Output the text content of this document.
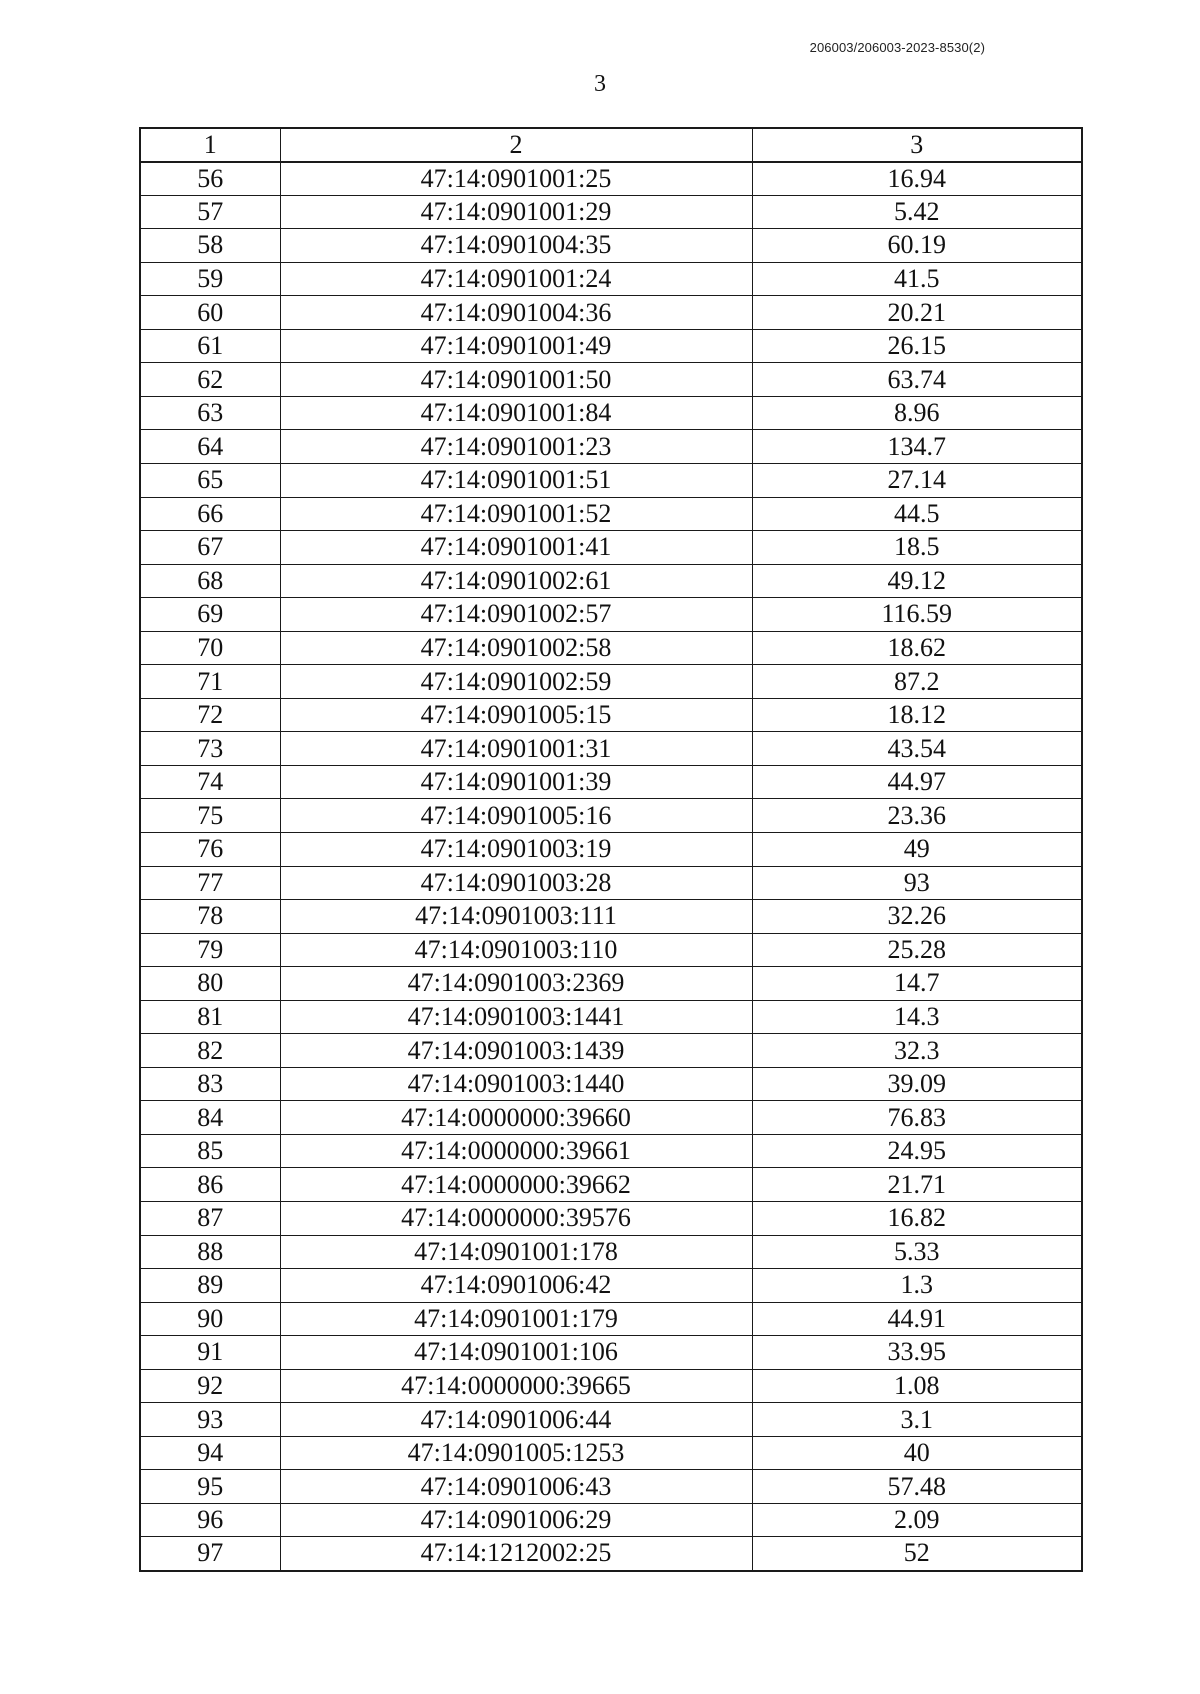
206003/206003-2023-8530(2)
3
1	2	3
56	47:14:0901001:25	16.94
57	47:14:0901001:29	5.42
58	47:14:0901004:35	60.19
59	47:14:0901001:24	41.5
60	47:14:0901004:36	20.21
61	47:14:0901001:49	26.15
62	47:14:0901001:50	63.74
63	47:14:0901001:84	8.96
64	47:14:0901001:23	134.7
65	47:14:0901001:51	27.14
66	47:14:0901001:52	44.5
67	47:14:0901001:41	18.5
68	47:14:0901002:61	49.12
69	47:14:0901002:57	116.59
70	47:14:0901002:58	18.62
71	47:14:0901002:59	87.2
72	47:14:0901005:15	18.12
73	47:14:0901001:31	43.54
74	47:14:0901001:39	44.97
75	47:14:0901005:16	23.36
76	47:14:0901003:19	49
77	47:14:0901003:28	93
78	47:14:0901003:111	32.26
79	47:14:0901003:110	25.28
80	47:14:0901003:2369	14.7
81	47:14:0901003:1441	14.3
82	47:14:0901003:1439	32.3
83	47:14:0901003:1440	39.09
84	47:14:0000000:39660	76.83
85	47:14:0000000:39661	24.95
86	47:14:0000000:39662	21.71
87	47:14:0000000:39576	16.82
88	47:14:0901001:178	5.33
89	47:14:0901006:42	1.3
90	47:14:0901001:179	44.91
91	47:14:0901001:106	33.95
92	47:14:0000000:39665	1.08
93	47:14:0901006:44	3.1
94	47:14:0901005:1253	40
95	47:14:0901006:43	57.48
96	47:14:0901006:29	2.09
97	47:14:1212002:25	52
